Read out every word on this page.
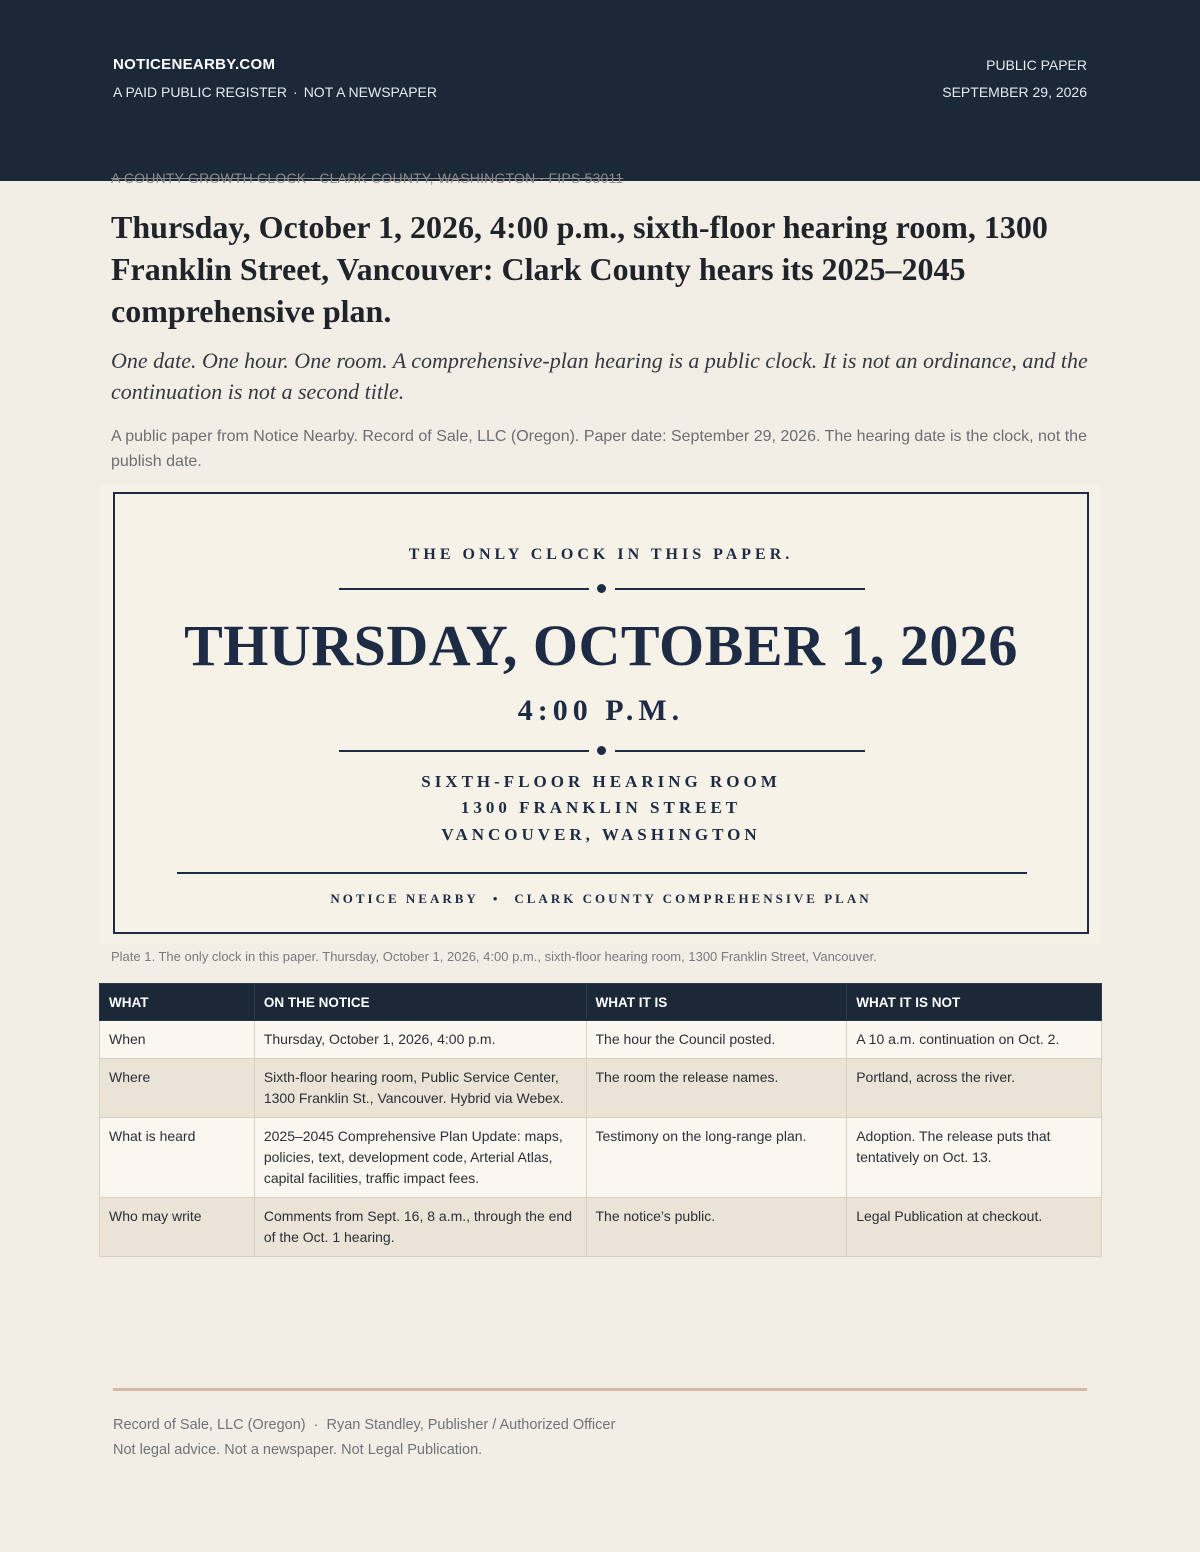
NOTICENEARBY.COM
A PAID PUBLIC REGISTER · NOT A NEWSPAPER
PUBLIC PAPER
SEPTEMBER 29, 2026
A COUNTY GROWTH CLOCK · CLARK COUNTY, WASHINGTON · FIPS 53011
Thursday, October 1, 2026, 4:00 p.m., sixth-floor hearing room, 1300 Franklin Street, Vancouver: Clark County hears its 2025–2045 comprehensive plan.

One date. One hour. One room. A comprehensive-plan hearing is a public clock. It is not an ordinance, and the continuation is not a second title.

A public paper from Notice Nearby. Record of Sale, LLC (Oregon). Paper date: September 29, 2026. The hearing date is the clock, not the publish date.

THE ONLY CLOCK IN THIS PAPER.
THURSDAY, OCTOBER 1, 2026
4:00 P.M.
SIXTH-FLOOR HEARING ROOM
1300 FRANKLIN STREET
VANCOUVER, WASHINGTON
NOTICE NEARBY • CLARK COUNTY COMPREHENSIVE PLAN
Plate 1. The only clock in this paper. Thursday, October 1, 2026, 4:00 p.m., sixth-floor hearing room, 1300 Franklin Street, Vancouver.
WHAT	ON THE NOTICE	WHAT IT IS	WHAT IT IS NOT
When	Thursday, October 1, 2026, 4:00 p.m.	The hour the Council posted.	A 10 a.m. continuation on Oct. 2.
Where	Sixth-floor hearing room, Public Service Center, 1300 Franklin St., Vancouver. Hybrid via Webex.	The room the release names.	Portland, across the river.
What is heard	2025–2045 Comprehensive Plan Update: maps, policies, text, development code, Arterial Atlas, capital facilities, traffic impact fees.	Testimony on the long-range plan.	Adoption. The release puts that tentatively on Oct. 13.
Who may write	Comments from Sept. 16, 8 a.m., through the end of the Oct. 1 hearing.	The notice’s public.	Legal Publication at checkout.
Record of Sale, LLC (Oregon) · Ryan Standley, Publisher / Authorized Officer
Not legal advice. Not a newspaper. Not Legal Publication.
